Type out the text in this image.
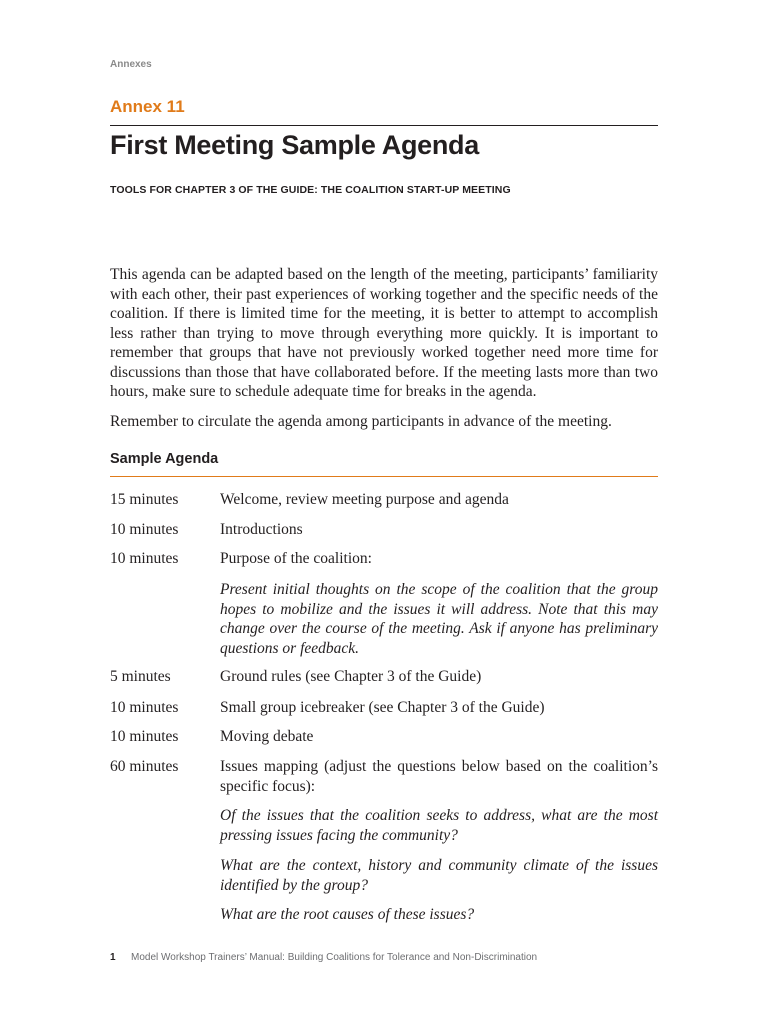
Annexes
Annex 11
First Meeting Sample Agenda
TOOLS FOR CHAPTER 3 OF THE GUIDE: THE COALITION START-UP MEETING

This agenda can be adapted based on the length of the meeting, participants’ familiarity with each other, their past experiences of working together and the specific needs of the coalition. If there is limited time for the meeting, it is better to attempt to accomplish less rather than trying to move through everything more quickly. It is important to remember that groups that have not previously worked together need more time for discussions than those that have collaborated before. If the meeting lasts more than two hours, make sure to schedule adequate time for breaks in the agenda.

Remember to circulate the agenda among participants in advance of the meeting.

Sample Agenda
15 minutes	Welcome, review meeting purpose and agenda
10 minutes	Introductions
10 minutes	Purpose of the coalition:
Present initial thoughts on the scope of the coalition that the group hopes to mobilize and the issues it will address. Note that this may change over the course of the meeting. Ask if anyone has preliminary questions or feedback.
5 minutes	Ground rules (see Chapter 3 of the Guide)
10 minutes	Small group icebreaker (see Chapter 3 of the Guide)
10 minutes	Moving debate
60 minutes	Issues mapping (adjust the questions below based on the coalition’s specific focus):
Of the issues that the coalition seeks to address, what are the most pressing issues facing the community?
What are the context, history and community climate of the issues identified by the group?
What are the root causes of these issues?
1 Model Workshop Trainers’ Manual: Building Coalitions for Tolerance and Non-Discrimination
